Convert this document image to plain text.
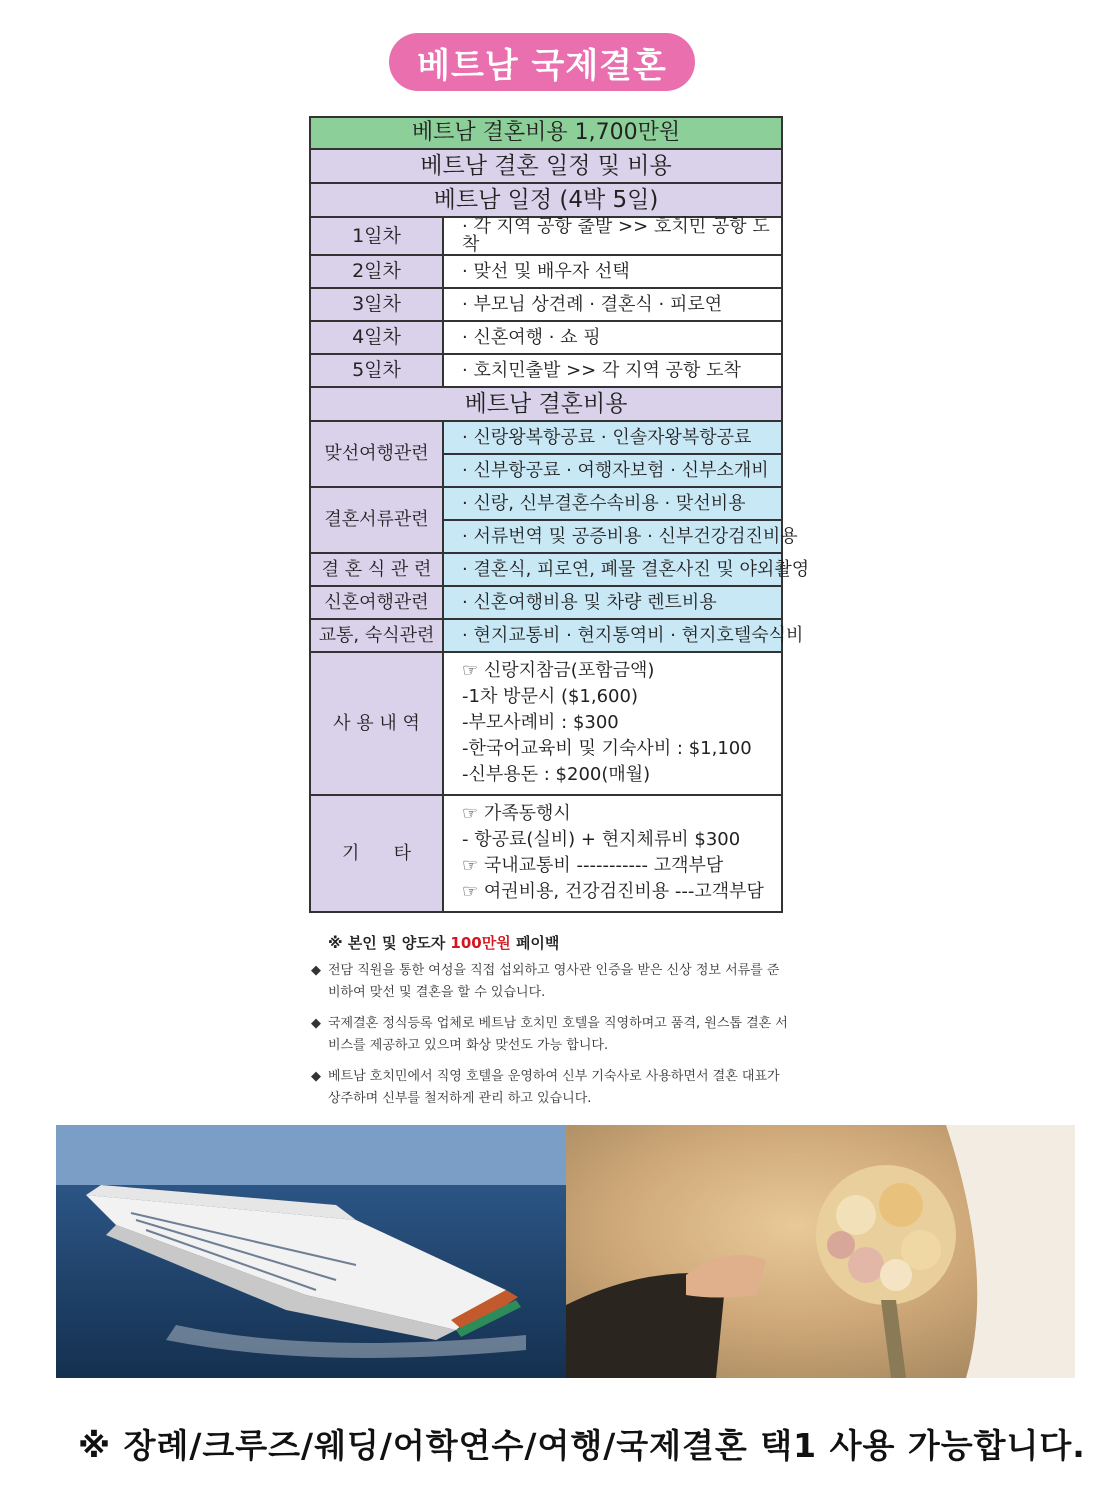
베트남 국제결혼
베트남 결혼비용 1,700만원	
베트남 결혼 일정 및 비용	
베트남 일정 (4박 5일)	
1일차	· 각 지역 공항 출발 >> 호치민 공항 도착
2일차	· 맞선 및 배우자 선택
3일차	· 부모님 상견례 · 결혼식 · 피로연
4일차	· 신혼여행 · 쇼 핑
5일차	· 호치민출발 >> 각 지역 공항 도착
베트남 결혼비용	
맞선여행관련	· 신랑왕복항공료 · 인솔자왕복항공료
	· 신부항공료 · 여행자보험 · 신부소개비
결혼서류관련	· 신랑, 신부결혼수속비용 · 맞선비용
	· 서류번역 및 공증비용 · 신부건강검진비용
결 혼 식 관 련	· 결혼식, 피로연, 폐물 결혼사진 및 야외촬영
신혼여행관련	· 신혼여행비용 및 차량 렌트비용
교통, 숙식관련	· 현지교통비 · 현지통역비 · 현지호텔숙식비
사 용 내 역	☞ 신랑지참금(포함금액)
-1차 방문시 ($1,600)
-부모사례비 : $300
-한국어교육비 및 기숙사비 : $1,100
-신부용돈 : $200(매월)

기      타	☞ 가족동행시
- 항공료(실비) + 현지체류비 $300
☞ 국내교통비 ----------- 고객부담
☞ 여권비용, 건강검진비용 ---고객부담
※ 본인 및 양도자 100만원 페이백
◆ 전담 직원을 통한 여성을 직접 섭외하고 영사관 인증을 받은 신상 정보 서류를 준비하여 맞선 및 결혼을 할 수 있습니다.
◆ 국제결혼 정식등록 업체로 베트남 호치민 호텔을 직영하며고 품격, 원스톱 결혼 서비스를 제공하고 있으며 화상 맞선도 가능 합니다.
◆ 베트남 호치민에서 직영 호텔을 운영하여 신부 기숙사로 사용하면서 결혼 대표가 상주하며 신부를 철저하게 관리 하고 있습니다.
※ 장례/크루즈/웨딩/어학연수/여행/국제결혼 택1 사용 가능합니다.
